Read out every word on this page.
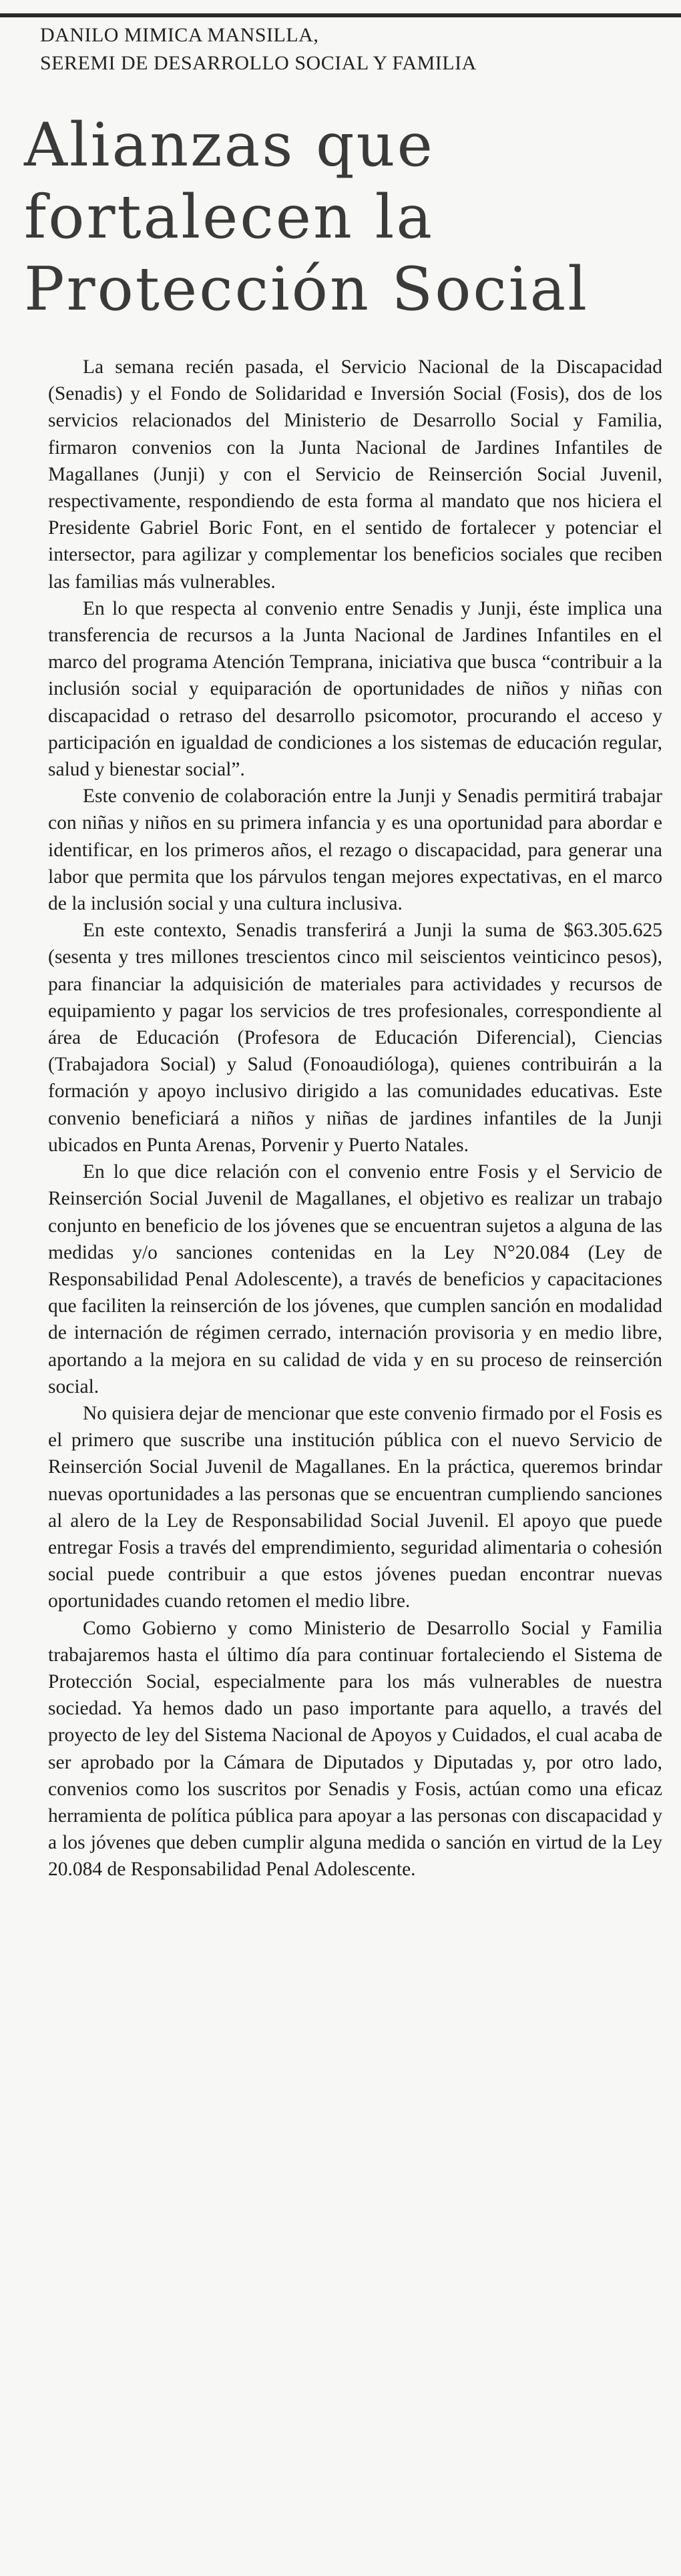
DANILO MIMICA MANSILLA,
SEREMI DE DESARROLLO SOCIAL Y FAMILIA
Alianzas que
fortalecen la
Protección Social

La semana recién pasada, el Servicio Nacional de la Discapacidad (Senadis) y el Fondo de Solidaridad e Inversión Social (Fosis), dos de los servicios relacionados del Ministerio de Desarrollo Social y Familia, firmaron convenios con la Junta Nacional de Jardines Infantiles de Magallanes (Junji) y con el Servicio de Reinserción Social Juvenil, respectivamente, respondiendo de esta forma al mandato que nos hiciera el Presidente Gabriel Boric Font, en el sentido de fortalecer y potenciar el intersector, para agilizar y complementar los beneficios sociales que reciben las familias más vulnerables.

En lo que respecta al convenio entre Senadis y Junji, éste implica una transferencia de recursos a la Junta Nacional de Jardines Infantiles en el marco del programa Atención Temprana, iniciativa que busca “contribuir a la inclusión social y equiparación de oportunidades de niños y niñas con discapacidad o retraso del desarrollo psicomotor, procurando el acceso y participación en igualdad de condiciones a los sistemas de educación regular, salud y bienestar social”.

Este convenio de colaboración entre la Junji y Senadis permitirá trabajar con niñas y niños en su primera infancia y es una oportunidad para abordar e identificar, en los primeros años, el rezago o discapacidad, para generar una labor que permita que los párvulos tengan mejores expectativas, en el marco de la inclusión social y una cultura inclusiva.

En este contexto, Senadis transferirá a Junji la suma de $63.305.625 (sesenta y tres millones trescientos cinco mil seiscientos veinticinco pesos), para financiar la adquisición de materiales para actividades y recursos de equipamiento y pagar los servicios de tres profesionales, correspondiente al área de Educación (Profesora de Educación Diferencial), Ciencias (Trabajadora Social) y Salud (Fonoaudióloga), quienes contribuirán a la formación y apoyo inclusivo dirigido a las comunidades educativas. Este convenio beneficiará a niños y niñas de jardines infantiles de la Junji ubicados en Punta Arenas, Porvenir y Puerto Natales.

En lo que dice relación con el convenio entre Fosis y el Servicio de Reinserción Social Juvenil de Magallanes, el objetivo es realizar un trabajo conjunto en beneficio de los jóvenes que se encuentran sujetos a alguna de las medidas y/o sanciones contenidas en la Ley N°20.084 (Ley de Responsabilidad Penal Adolescente), a través de beneficios y capacitaciones que faciliten la reinserción de los jóvenes, que cumplen sanción en modalidad de internación de régimen cerrado, internación provisoria y en medio libre, aportando a la mejora en su calidad de vida y en su proceso de reinserción social.

No quisiera dejar de mencionar que este convenio firmado por el Fosis es el primero que suscribe una institución pública con el nuevo Servicio de Reinserción Social Juvenil de Magallanes. En la práctica, queremos brindar nuevas oportunidades a las personas que se encuentran cumpliendo sanciones al alero de la Ley de Responsabilidad Social Juvenil. El apoyo que puede entregar Fosis a través del emprendimiento, seguridad alimentaria o cohesión social puede contribuir a que estos jóvenes puedan encontrar nuevas oportunidades cuando retomen el medio libre.

Como Gobierno y como Ministerio de Desarrollo Social y Familia trabajaremos hasta el último día para continuar fortaleciendo el Sistema de Protección Social, especialmente para los más vulnerables de nuestra sociedad. Ya hemos dado un paso importante para aquello, a través del proyecto de ley del Sistema Nacional de Apoyos y Cuidados, el cual acaba de ser aprobado por la Cámara de Diputados y Diputadas y, por otro lado, convenios como los suscritos por Senadis y Fosis, actúan como una eficaz herramienta de política pública para apoyar a las personas con discapacidad y a los jóvenes que deben cumplir alguna medida o sanción en virtud de la Ley 20.084 de Responsabilidad Penal Adolescente.
